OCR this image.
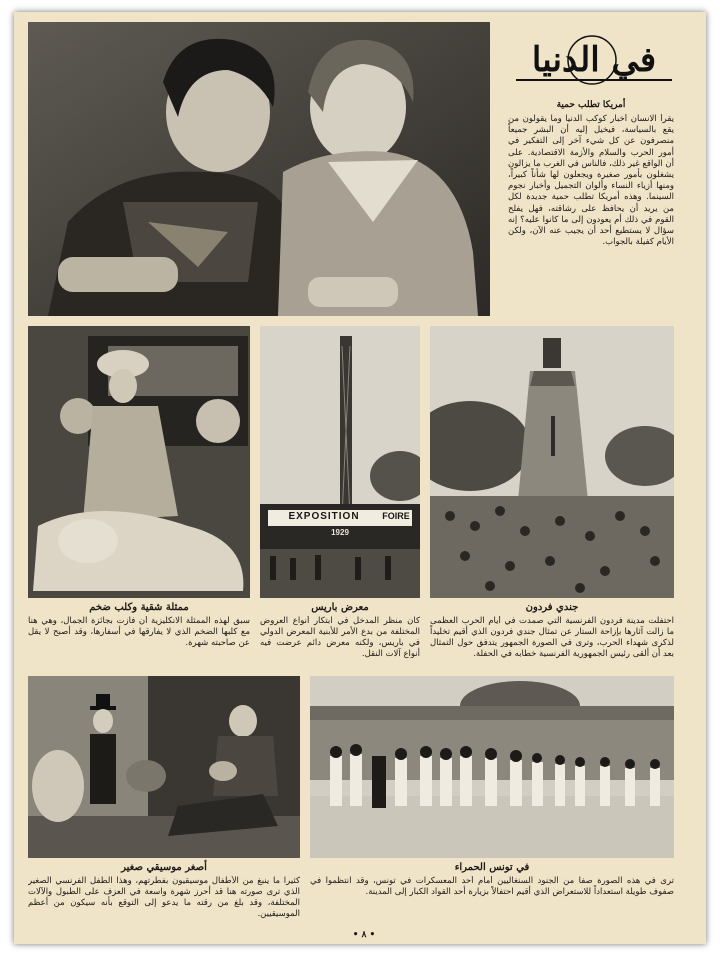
في الدنيا
أمريكا تطلب حمية
يقرأ الانسان أخبار كوكب الدنيا وما يقولون من يقع بالسياسة، فيخيل إليه أن البشر جميعاً منصرفون عن كل شيء آخر إلى التفكير في أمور الحرب والسلام والأزمة الاقتصادية. على أن الواقع غير ذلك، فالناس في الغرب ما يزالون يشغلون بأمور صغيرة ويجعلون لها شأناً كبيراً، ومنها أزياء النساء وألوان التجميل وأخبار نجوم السينما. وهذه أمريكا تطلب حمية جديدة لكل من يريد أن يحافظ على رشاقته، فهل يفلح القوم في ذلك أم يعودون إلى ما كانوا عليه؟ إنه سؤال لا يستطيع أحد أن يجيب عنه الآن، ولكن الأيام كفيلة بالجواب.
EXPOSITION	FOIRE
1929
ممثلة شقية وكلب ضخم
سبق لهذه الممثلة الانكليزية أن فازت بجائزة الجمال، وهي هنا مع كلبها الضخم الذي لا يفارقها في أسفارها، وقد أصبح لا يقل عن صاحبته شهرة.
معرض باريس
كان منظر المدخل في ابتكار أنواع العروض المختلفة من بدع الأمر للأبنية المعرض الدولي في باريس، ولكنه معرض دائم عرضت فيه أنواع آلات النقل.
جندي فردون
احتفلت مدينة فردون الفرنسية التي صمدت في أيام الحرب العظمى ما زالت آثارها بإزاحة الستار عن تمثال جندي فردون الذي أقيم تخليداً لذكرى شهداء الحرب، وترى في الصورة الجمهور يتدفق حول التمثال بعد أن ألقى رئيس الجمهورية الفرنسية خطابه في الحفلة.
أصغر موسيقي صغير
كثيراً ما ينبغ من الأطفال موسيقيون بفطرتهم، وهذا الطفل الفرنسي الصغير الذي ترى صورته هنا قد أحرز شهرة واسعة في العزف على الطبول والآلات المختلفة، وقد بلغ من رقته ما يدعو إلى التوقع بأنه سيكون من أعظم الموسيقيين.
في تونس الحمراء
ترى في هذه الصورة صفاً من الجنود السنغاليين أمام أحد المعسكرات في تونس، وقد انتظموا في صفوف طويلة استعداداً للاستعراض الذي أقيم احتفالاً بزيارة أحد القواد الكبار إلى المدينة.
• ٨ •
